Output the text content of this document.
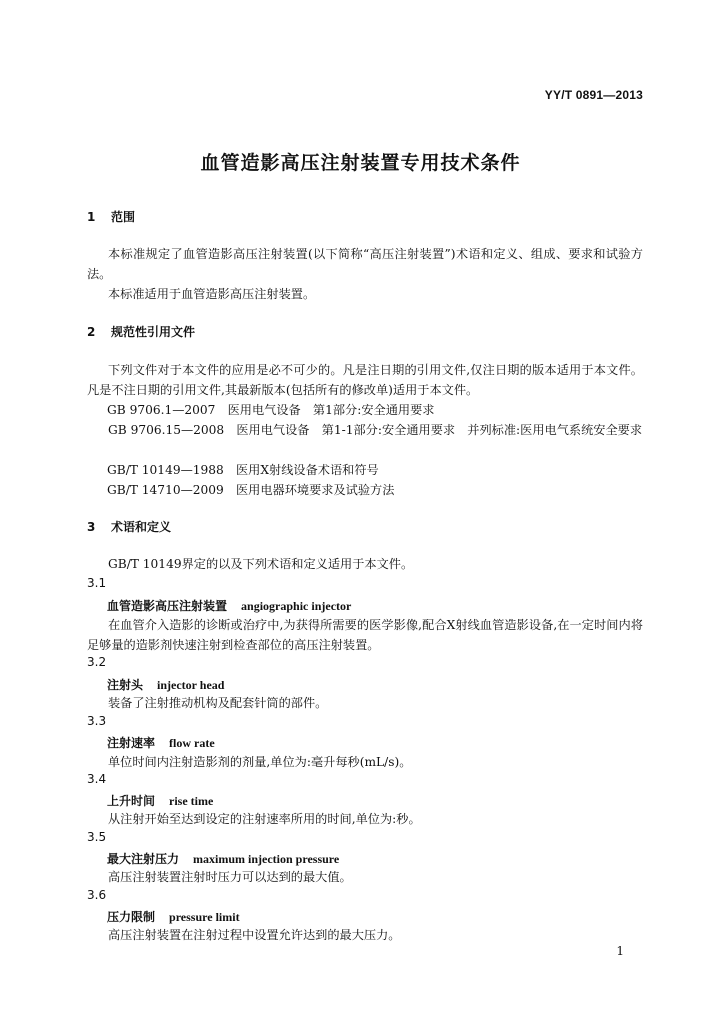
YY/T 0891—2013
血管造影高压注射装置专用技术条件
1 范围
本标准规定了血管造影高压注射装置(以下简称“高压注射装置”)术语和定义、组成、要求和试验方法。
本标准适用于血管造影高压注射装置。
2 规范性引用文件
下列文件对于本文件的应用是必不可少的。凡是注日期的引用文件,仅注日期的版本适用于本文件。凡是不注日期的引用文件,其最新版本(包括所有的修改单)适用于本文件。
GB 9706.1—2007　医用电气设备　第1部分:安全通用要求
GB 9706.15—2008　医用电气设备　第1-1部分:安全通用要求　并列标准:医用电气系统安全要求
GB/T 10149—1988　医用X射线设备术语和符号
GB/T 14710—2009　医用电器环境要求及试验方法
3 术语和定义
GB/T 10149界定的以及下列术语和定义适用于本文件。
3.1
血管造影高压注射装置 angiographic injector
在血管介入造影的诊断或治疗中,为获得所需要的医学影像,配合X射线血管造影设备,在一定时间内将足够量的造影剂快速注射到检查部位的高压注射装置。
3.2
注射头 injector head
装备了注射推动机构及配套针筒的部件。
3.3
注射速率 flow rate
单位时间内注射造影剂的剂量,单位为:毫升每秒(mL/s)。
3.4
上升时间 rise time
从注射开始至达到设定的注射速率所用的时间,单位为:秒。
3.5
最大注射压力 maximum injection pressure
高压注射装置注射时压力可以达到的最大值。
3.6
压力限制 pressure limit
高压注射装置在注射过程中设置允许达到的最大压力。
1
